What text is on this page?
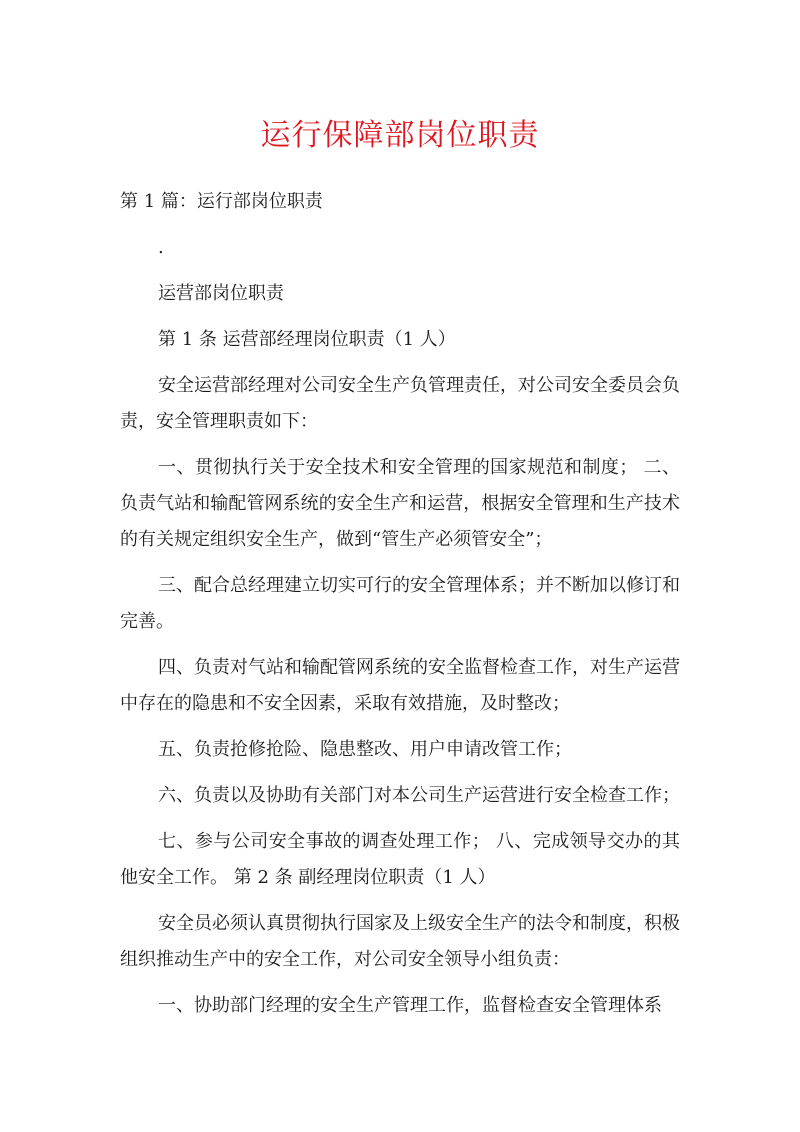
运行保障部岗位职责

第 1 篇：运行部岗位职责

.

运营部岗位职责

第 1 条 运营部经理岗位职责（1 人）

安全运营部经理对公司安全生产负管理责任，对公司安全委员会负责，安全管理职责如下：

一、贯彻执行关于安全技术和安全管理的国家规范和制度； 二、负责气站和输配管网系统的安全生产和运营，根据安全管理和生产技术的有关规定组织安全生产，做到“管生产必须管安全”；

三、配合总经理建立切实可行的安全管理体系；并不断加以修订和完善。

四、负责对气站和输配管网系统的安全监督检查工作，对生产运营中存在的隐患和不安全因素，采取有效措施，及时整改；

五、负责抢修抢险、隐患整改、用户申请改管工作；

六、负责以及协助有关部门对本公司生产运营进行安全检查工作；

七、参与公司安全事故的调查处理工作； 八、完成领导交办的其他安全工作。 第 2 条 副经理岗位职责（1 人）

安全员必须认真贯彻执行国家及上级安全生产的法令和制度，积极组织推动生产中的安全工作，对公司安全领导小组负责：

一、协助部门经理的安全生产管理工作，监督检查安全管理体系
